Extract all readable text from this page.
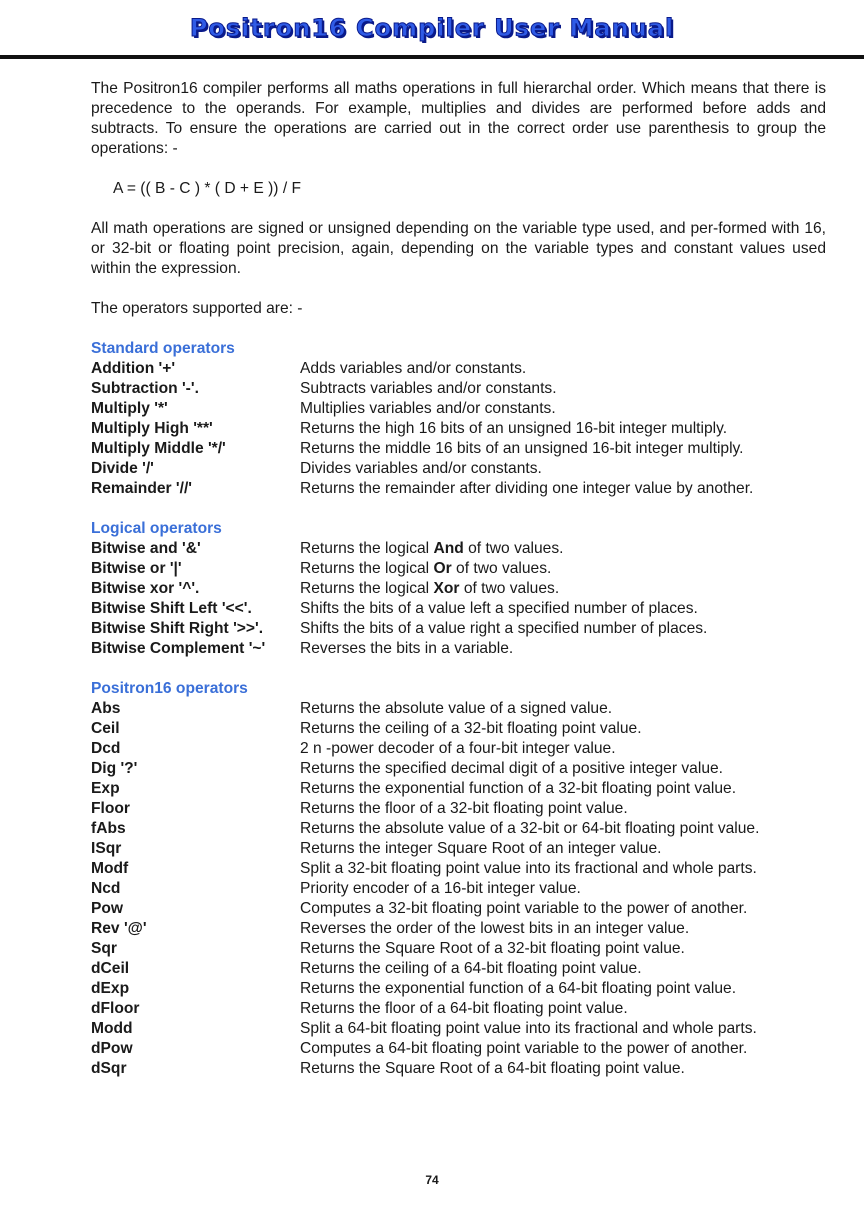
Positron16 Compiler User Manual

The Positron16 compiler performs all maths operations in full hierarchal order. Which means that there is precedence to the operands. For example, multiplies and divides are performed before adds and subtracts. To ensure the operations are carried out in the correct order use parenthesis to group the operations: -

A = (( B - C ) * ( D + E )) / F

All math operations are signed or unsigned depending on the variable type used, and per-formed with 16, or 32-bit or floating point precision, again, depending on the variable types and constant values used within the expression.

The operators supported are: -

Standard operators
Addition '+'	Adds variables and/or constants.
Subtraction '-'.	Subtracts variables and/or constants.
Multiply '*'	Multiplies variables and/or constants.
Multiply High '**'	Returns the high 16 bits of an unsigned 16-bit integer multiply.
Multiply Middle '*/'	Returns the middle 16 bits of an unsigned 16-bit integer multiply.
Divide '/'	Divides variables and/or constants.
Remainder '//'	Returns the remainder after dividing one integer value by another.
Logical operators
Bitwise and '&'	Returns the logical And of two values.
Bitwise or '|'	Returns the logical Or of two values.
Bitwise xor '^'.	Returns the logical Xor of two values.
Bitwise Shift Left '<<'.	Shifts the bits of a value left a specified number of places.
Bitwise Shift Right '>>'.	Shifts the bits of a value right a specified number of places.
Bitwise Complement '~'	Reverses the bits in a variable.
Positron16 operators
Abs	Returns the absolute value of a signed value.
Ceil	Returns the ceiling of a 32-bit floating point value.
Dcd	2 n -power decoder of a four-bit integer value.
Dig '?'	Returns the specified decimal digit of a positive integer value.
Exp	Returns the exponential function of a 32-bit floating point value.
Floor	Returns the floor of a 32-bit floating point value.
fAbs	Returns the absolute value of a 32-bit or 64-bit floating point value.
ISqr	Returns the integer Square Root of an integer value.
Modf	Split a 32-bit floating point value into its fractional and whole parts.
Ncd	Priority encoder of a 16-bit integer value.
Pow	Computes a 32-bit floating point variable to the power of another.
Rev '@'	Reverses the order of the lowest bits in an integer value.
Sqr	Returns the Square Root of a 32-bit floating point value.
dCeil	Returns the ceiling of a 64-bit floating point value.
dExp	Returns the exponential function of a 64-bit floating point value.
dFloor	Returns the floor of a 64-bit floating point value.
Modd	Split a 64-bit floating point value into its fractional and whole parts.
dPow	Computes a 64-bit floating point variable to the power of another.
dSqr	Returns the Square Root of a 64-bit floating point value.
74
